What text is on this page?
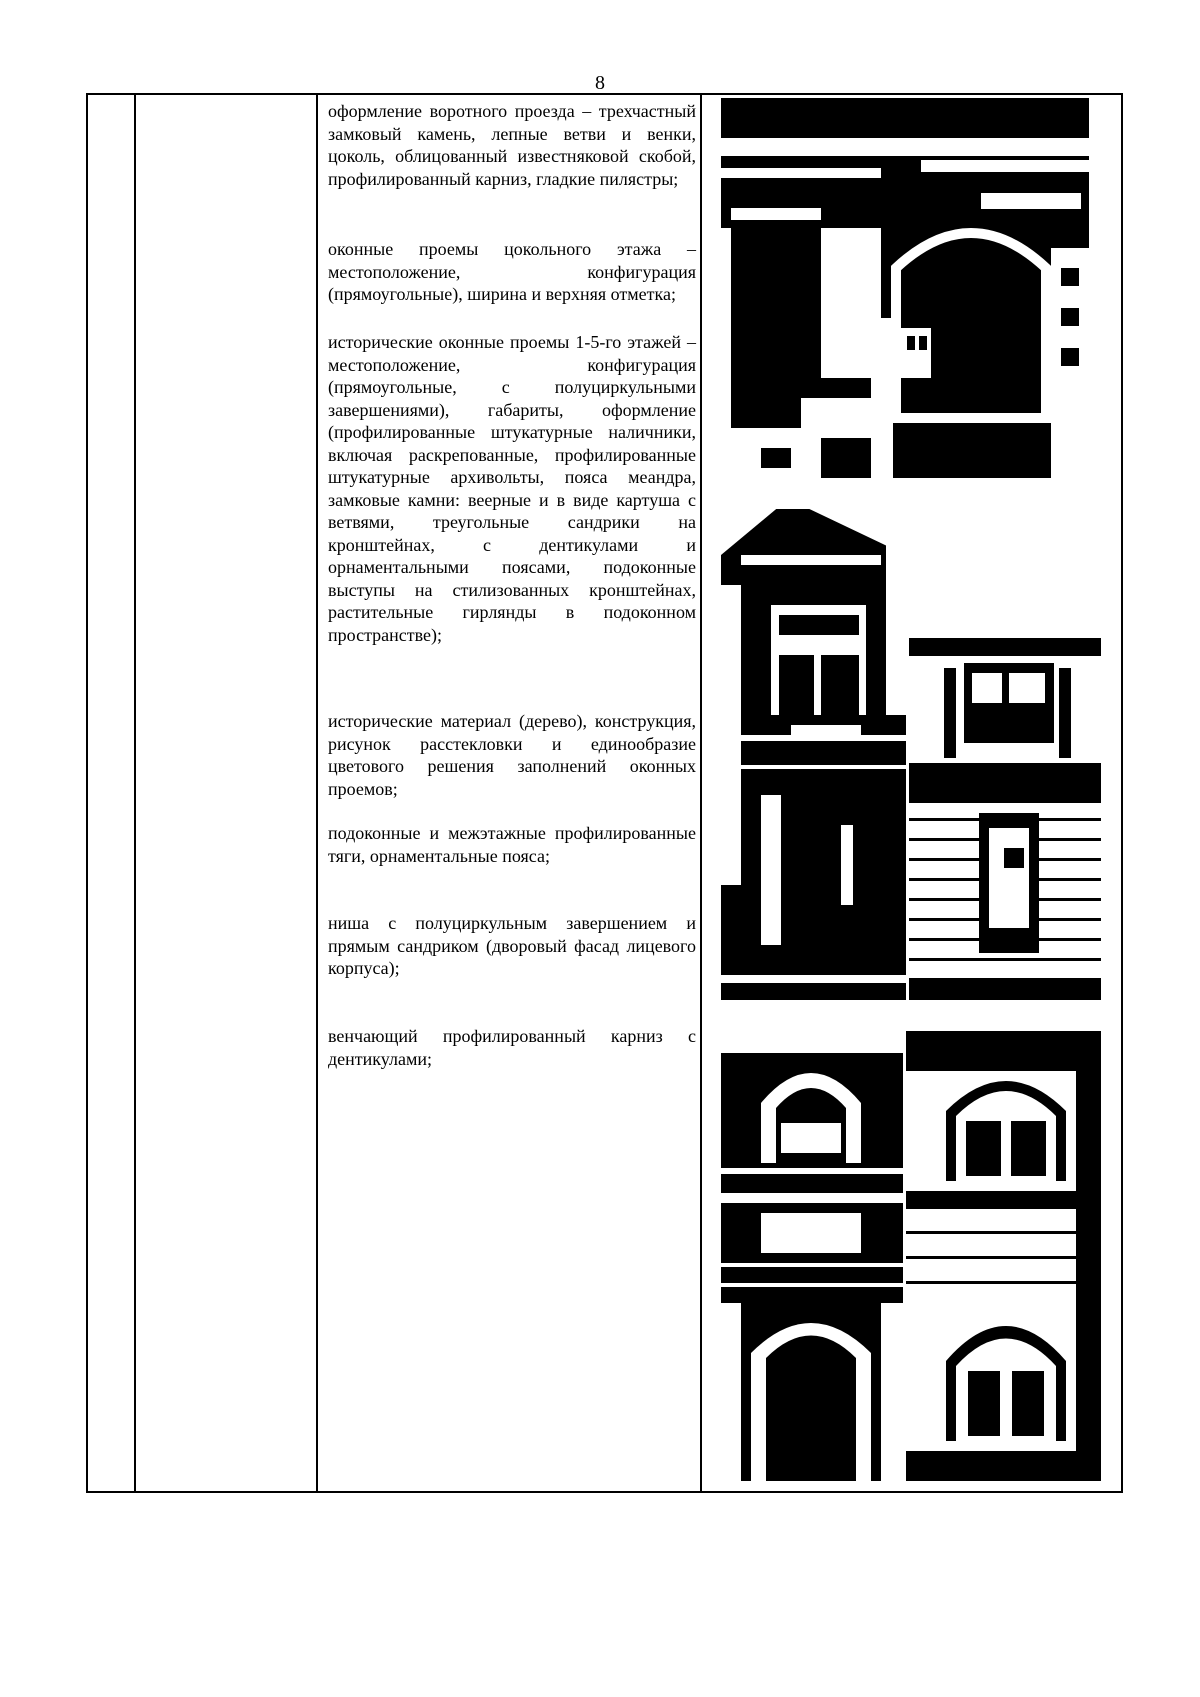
8

оформление воротного проезда – трехчастный замковый камень, лепные ветви и венки, цоколь, облицованный известняковой скобой, профилированный карниз, гладкие пилястры;

оконные проемы цокольного этажа – местоположение, конфигурация (прямоугольные), ширина и верхняя отметка;

исторические оконные проемы 1-5-го этажей – местоположение, конфигурация (прямоугольные, с полуциркульными завершениями), габариты, оформление (профилированные штукатурные наличники, включая раскрепованные, профилированные штукатурные архивольты, пояса меандра, замковые камни: веерные и в виде картуша с ветвями, треугольные сандрики на кронштейнах, с дентикулами и орнаментальными поясами, подоконные выступы на стилизованных кронштейнах, растительные гирлянды в подоконном пространстве);

исторические материал (дерево), конструкция, рисунок расстекловки и единообразие цветового решения заполнений оконных проемов;

подоконные и межэтажные профилированные тяги, орнаментальные пояса;

ниша с полуциркульным завершением и прямым сандриком (дворовый фасад лицевого корпуса);

венчающий профилированный карниз с дентикулами;
